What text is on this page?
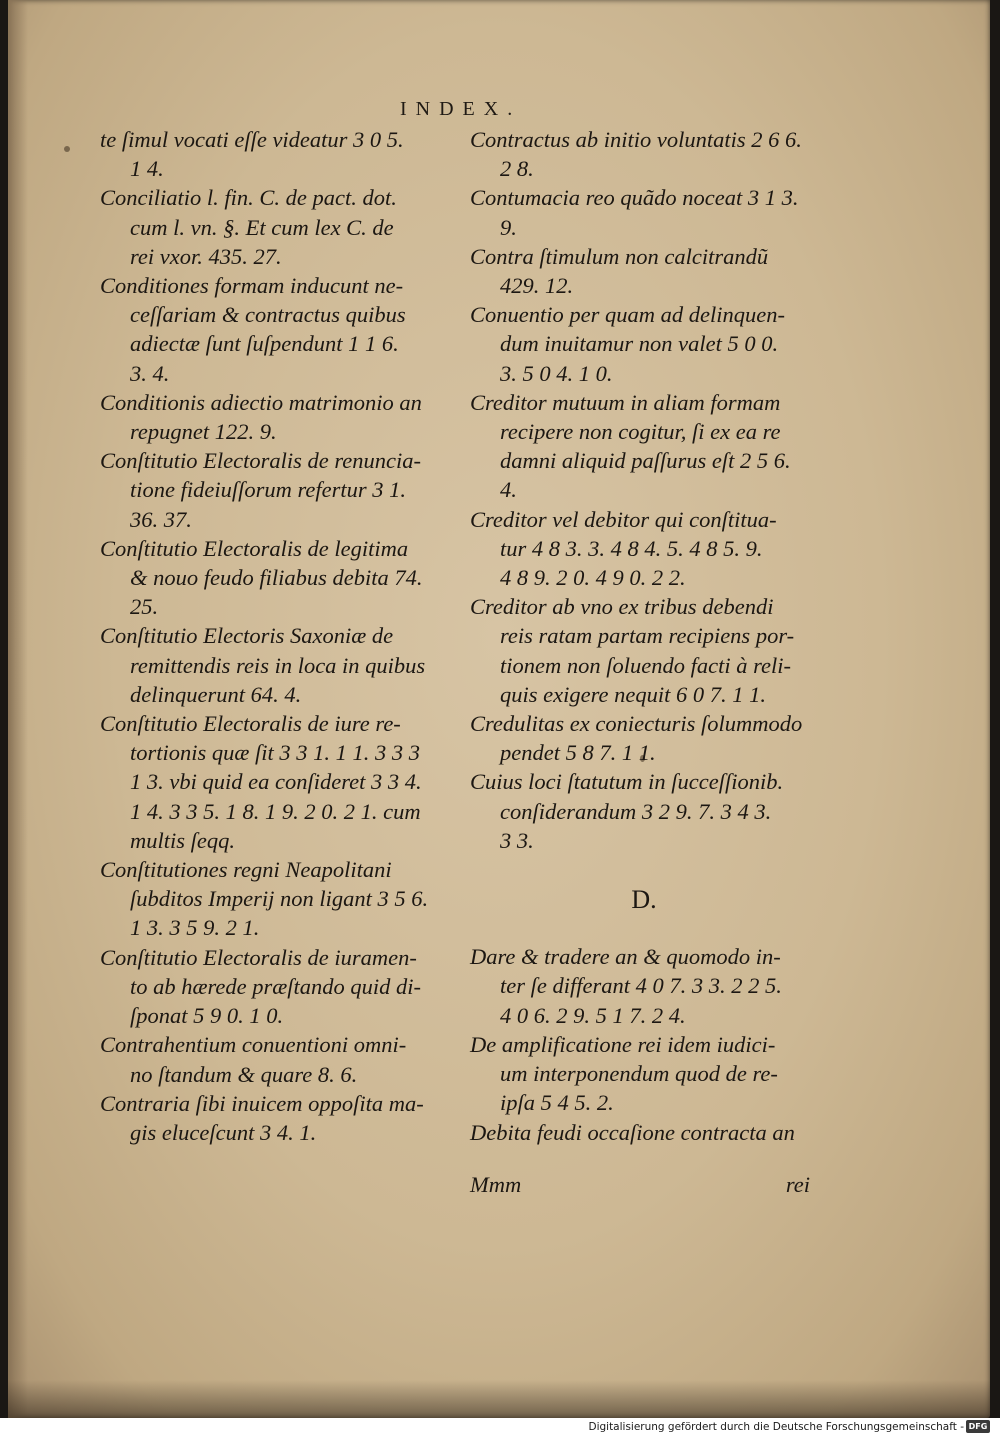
INDEX.

te ſimul vocati eſſe videatur 3 0 5.
1 4.

Conciliatio l. fin. C. de pact. dot.
cum l. vn. §. Et cum lex C. de
rei vxor. 435. 27.

Conditiones formam inducunt ne-
ceſſariam & contractus quibus
adiectæ ſunt ſuſpendunt 1 1 6.
3. 4.

Conditionis adiectio matrimonio an
repugnet 122. 9.

Conſtitutio Electoralis de renuncia-
tione fideiuſſorum refertur 3 1.
36. 37.

Conſtitutio Electoralis de legitima
& nouo feudo filiabus debita 74.
25.

Conſtitutio Electoris Saxoniæ de
remittendis reis in loca in quibus
delinquerunt 64. 4.

Conſtitutio Electoralis de iure re-
tortionis quæ ſit 3 3 1. 1 1. 3 3 3
1 3. vbi quid ea conſideret 3 3 4.
1 4. 3 3 5. 1 8. 1 9. 2 0. 2 1. cum
multis ſeqq.

Conſtitutiones regni Neapolitani
ſubditos Imperij non ligant 3 5 6.
1 3. 3 5 9. 2 1.

Conſtitutio Electoralis de iuramen-
to ab hærede præſtando quid di-
ſponat 5 9 0. 1 0.

Contrahentium conuentioni omni-
no ſtandum & quare 8. 6.

Contraria ſibi inuicem oppoſita ma-
gis eluceſcunt 3 4. 1.

Contractus ab initio voluntatis 2 6 6.
2 8.

Contumacia reo quãdo noceat 3 1 3.
9.

Contra ſtimulum non calcitrandũ
429. 12.

Conuentio per quam ad delinquen-
dum inuitamur non valet 5 0 0.
3. 5 0 4. 1 0.

Creditor mutuum in aliam formam
recipere non cogitur, ſi ex ea re
damni aliquid paſſurus eſt 2 5 6.
4.

Creditor vel debitor qui conſtitua-
tur 4 8 3. 3. 4 8 4. 5. 4 8 5. 9.
4 8 9. 2 0. 4 9 0. 2 2.

Creditor ab vno ex tribus debendi
reis ratam partam recipiens por-
tionem non ſoluendo facti à reli-
quis exigere nequit 6 0 7. 1 1.

Credulitas ex coniecturis ſolummodo
pendet 5 8 7. 1 1.

Cuius loci ſtatutum in ſucceſſionib.
conſiderandum 3 2 9. 7. 3 4 3.
3 3.

D.

Dare & tradere an & quomodo in-
ter ſe differant 4 0 7. 3 3. 2 2 5.
4 0 6. 2 9. 5 1 7. 2 4.

De amplificatione rei idem iudici-
um interponendum quod de re-
ipſa 5 4 5. 2.

Debita feudi occaſione contracta an

Mmm	rei
Digitalisierung gefördert durch die Deutsche Forschungsgemeinschaft - DFG
